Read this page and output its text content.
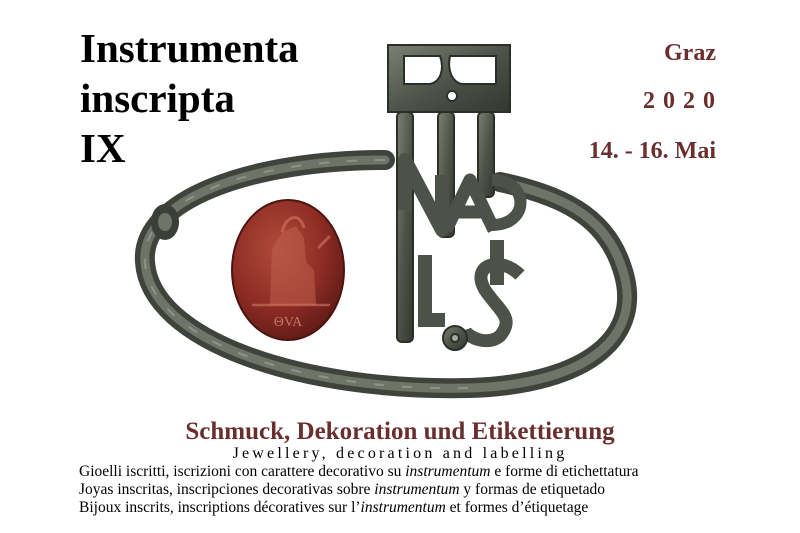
ΘVA
Instrumenta
inscripta
IX
Graz
2 0 2 0
14. - 16. Mai
Schmuck, Dekoration und Etikettierung
Jewellery, decoration and labelling
Gioelli iscritti, iscrizioni con carattere decorativo su instrumentum e forme di etichettatura
Joyas inscritas, inscripciones decorativas sobre instrumentum y formas de etiquetado
Bijoux inscrits, inscriptions décoratives sur l’instrumentum et formes d’étiquetage
